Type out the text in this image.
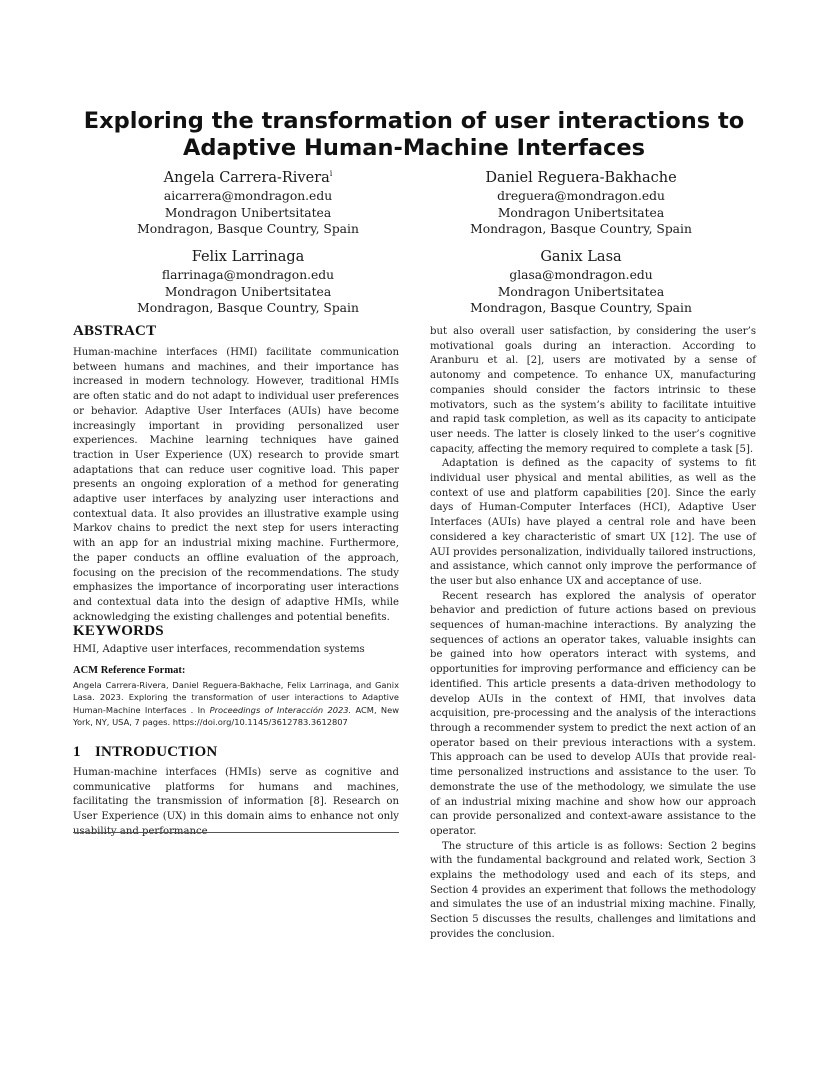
Exploring the transformation of user interactions to Adaptive Human-Machine Interfaces
Angela Carrera-Rivera$^i$
aicarrera@mondragon.edu
Mondragon Unibertsitatea
Mondragon, Basque Country, Spain
Daniel Reguera-Bakhache
dreguera@mondragon.edu
Mondragon Unibertsitatea
Mondragon, Basque Country, Spain
Felix Larrinaga
flarrinaga@mondragon.edu
Mondragon Unibertsitatea
Mondragon, Basque Country, Spain
Ganix Lasa
glasa@mondragon.edu
Mondragon Unibertsitatea
Mondragon, Basque Country, Spain
ABSTRACT

Human-machine interfaces (HMI) facilitate communication between humans and machines, and their importance has increased in modern technology. However, traditional HMIs are often static and do not adapt to individual user preferences or behavior. Adaptive User Interfaces (AUIs) have become increasingly important in providing personalized user experiences. Machine learning techniques have gained traction in User Experience (UX) research to provide smart adaptations that can reduce user cognitive load. This paper presents an ongoing exploration of a method for generating adaptive user interfaces by analyzing user interactions and contextual data. It also provides an illustrative example using Markov chains to predict the next step for users interacting with an app for an industrial mixing machine. Furthermore, the paper conducts an offline evaluation of the approach, focusing on the precision of the recommendations. The study emphasizes the importance of incorporating user interactions and contextual data into the design of adaptive HMIs, while acknowledging the existing challenges and potential benefits.

KEYWORDS
HMI, Adaptive user interfaces, recommendation systems
ACM Reference Format:
Angela Carrera-Rivera, Daniel Reguera-Bakhache, Felix Larrinaga, and Ganix Lasa. 2023. Exploring the transformation of user interactions to Adaptive Human-Machine Interfaces . In Proceedings of Interacción 2023. ACM, New York, NY, USA, 7 pages. https://doi.org/10.1145/3612783.3612807
1 INTRODUCTION

Human-machine interfaces (HMIs) serve as cognitive and communicative platforms for humans and machines, facilitating the transmission of information [8]. Research on User Experience (UX) in this domain aims to enhance not only usability and performance

but also overall user satisfaction, by considering the user’s motivational goals during an interaction. According to Aranburu et al. [2], users are motivated by a sense of autonomy and competence. To enhance UX, manufacturing companies should consider the factors intrinsic to these motivators, such as the system’s ability to facilitate intuitive and rapid task completion, as well as its capacity to anticipate user needs. The latter is closely linked to the user’s cognitive capacity, affecting the memory required to complete a task [5].

Adaptation is defined as the capacity of systems to fit individual user physical and mental abilities, as well as the context of use and platform capabilities [20]. Since the early days of Human-Computer Interfaces (HCI), Adaptive User Interfaces (AUIs) have played a central role and have been considered a key characteristic of smart UX [12]. The use of AUI provides personalization, individually tailored instructions, and assistance, which cannot only improve the performance of the user but also enhance UX and acceptance of use.

Recent research has explored the analysis of operator behavior and prediction of future actions based on previous sequences of human-machine interactions. By analyzing the sequences of actions an operator takes, valuable insights can be gained into how operators interact with systems, and opportunities for improving performance and efficiency can be identified. This article presents a data-driven methodology to develop AUIs in the context of HMI, that involves data acquisition, pre-processing and the analysis of the interactions through a recommender system to predict the next action of an operator based on their previous interactions with a system. This approach can be used to develop AUIs that provide real-time personalized instructions and assistance to the user. To demonstrate the use of the methodology, we simulate the use of an industrial mixing machine and show how our approach can provide personalized and context-aware assistance to the operator.

The structure of this article is as follows: Section 2 begins with the fundamental background and related work, Section 3 explains the methodology used and each of its steps, and Section 4 provides an experiment that follows the methodology and simulates the use of an industrial mixing machine. Finally, Section 5 discusses the results, challenges and limitations and provides the conclusion.
